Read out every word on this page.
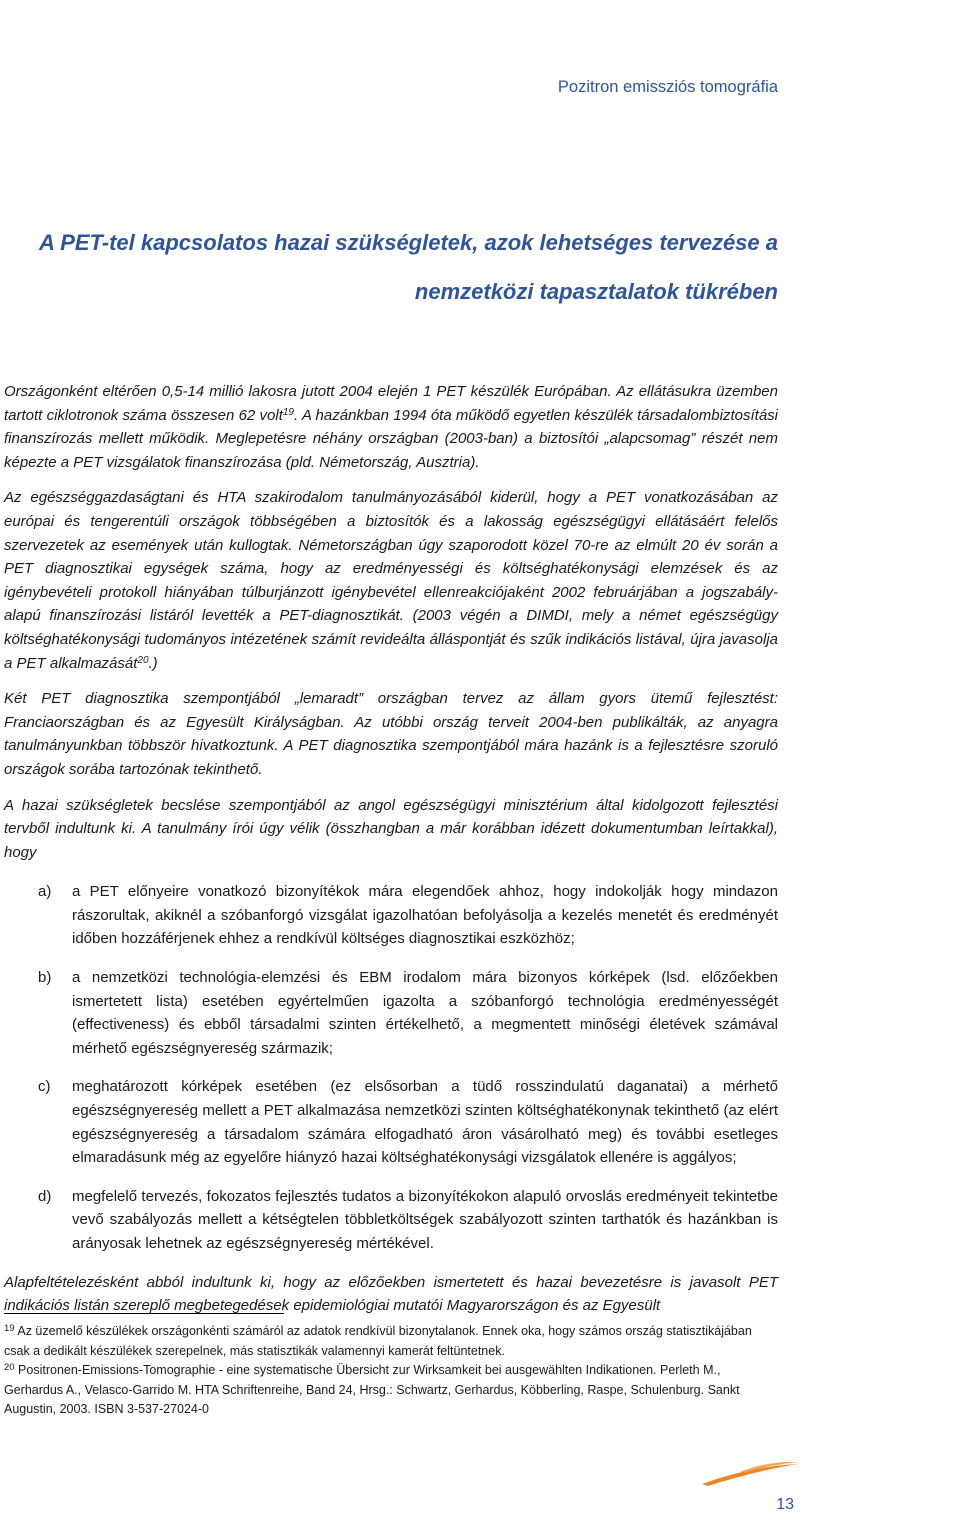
Pozitron emissziós tomográfia
A PET-tel kapcsolatos hazai szükségletek, azok lehetséges tervezése a
nemzetközi tapasztalatok tükrében

Országonként eltérően 0,5-14 millió lakosra jutott 2004 elején 1 PET készülék Európában. Az ellátásukra üzemben tartott ciklotronok száma összesen 62 volt$^{19}$. A hazánkban 1994 óta működő egyetlen készülék társadalombiztosítási finanszírozás mellett működik. Meglepetésre néhány országban (2003-ban) a biztosítói „alapcsomag” részét nem képezte a PET vizsgálatok finanszírozása (pld. Németország, Ausztria).

Az egészséggazdaságtani és HTA szakirodalom tanulmányozásából kiderül, hogy a PET vonatkozásában az európai és tengerentúli országok többségében a biztosítók és a lakosság egészségügyi ellátásáért felelős szervezetek az események után kullogtak. Németországban úgy szaporodott közel 70-re az elmúlt 20 év során a PET diagnosztikai egységek száma, hogy az eredményességi és költséghatékonysági elemzések és az igénybevételi protokoll hiányában túlburjánzott igénybevétel ellenreakciójaként 2002 februárjában a jogszabály-alapú finanszírozási listáról levették a PET-diagnosztikát. (2003 végén a DIMDI, mely a német egészségügy költséghatékonysági tudományos intézetének számít revideálta álláspontját és szűk indikációs listával, újra javasolja a PET alkalmazását$^{20}$.)

Két PET diagnosztika szempontjából „lemaradt” országban tervez az állam gyors ütemű fejlesztést: Franciaországban és az Egyesült Királyságban. Az utóbbi ország terveit 2004-ben publikálták, az anyagra tanulmányunkban többször hivatkoztunk. A PET diagnosztika szempontjából mára hazánk is a fejlesztésre szoruló országok sorába tartozónak tekinthető.

A hazai szükségletek becslése szempontjából az angol egészségügyi minisztérium által kidolgozott fejlesztési tervből indultunk ki. A tanulmány írói úgy vélik (összhangban a már korábban idézett dokumentumban leírtakkal), hogy

a) a PET előnyeire vonatkozó bizonyítékok mára elegendőek ahhoz, hogy indokolják hogy mindazon rászorultak, akiknél a szóbanforgó vizsgálat igazolhatóan befolyásolja a kezelés menetét és eredményét időben hozzáférjenek ehhez a rendkívül költséges diagnosztikai eszközhöz;
b) a nemzetközi technológia-elemzési és EBM irodalom mára bizonyos kórképek (lsd. előzőekben ismertetett lista) esetében egyértelműen igazolta a szóbanforgó technológia eredményességét (effectiveness) és ebből társadalmi szinten értékelhető, a megmentett minőségi életévek számával mérhető egészségnyereség származik;
c) meghatározott kórképek esetében (ez elsősorban a tüdő rosszindulatú daganatai) a mérhető egészségnyereség mellett a PET alkalmazása nemzetközi szinten költséghatékonynak tekinthető (az elért egészségnyereség a társadalom számára elfogadható áron vásárolható meg) és további esetleges elmaradásunk még az egyelőre hiányzó hazai költséghatékonysági vizsgálatok ellenére is aggályos;
d) megfelelő tervezés, fokozatos fejlesztés tudatos a bizonyítékokon alapuló orvoslás eredményeit tekintetbe vevő szabályozás mellett a kétségtelen többletköltségek szabályozott szinten tarthatók és hazánkban is arányosak lehetnek az egészségnyereség mértékével.

Alapfeltételezésként abból indultunk ki, hogy az előzőekben ismertetett és hazai bevezetésre is javasolt PET indikációs listán szereplő megbetegedések epidemiológiai mutatói Magyarországon és az Egyesült

$^{19}$ Az üzemelő készülékek országonkénti számáról az adatok rendkívül bizonytalanok. Ennek oka, hogy számos ország statisztikájában csak a dedikált készülékek szerepelnek, más statisztikák valamennyi kamerát feltüntetnek.
$^{20}$ Positronen-Emissions-Tomographie - eine systematische Übersicht zur Wirksamkeit bei ausgewählten Indikationen. Perleth M., Gerhardus A., Velasco-Garrido M. HTA Schriftenreihe, Band 24, Hrsg.: Schwartz, Gerhardus, Köbberling, Raspe, Schulenburg. Sankt Augustin, 2003. ISBN 3-537-27024-0
13
